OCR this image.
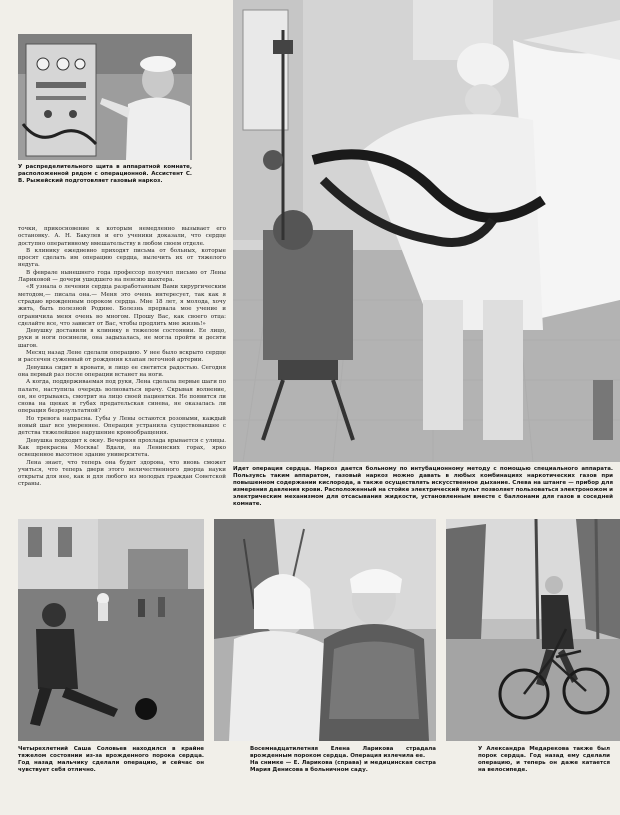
У распределительного щита в аппаратной комнате, расположенной рядом с операционной. Ассистент С. В. Рыжейский подготовляет газовый наркоз.

точки, прикосновение к которым немедленно вызывает его остановку. А. Н. Бакулев и его ученики доказали, что сердце доступно оперативному вмешательству в любом своем отделе.

В клинику ежедневно приходят письма от больных, которые просят сделать им операцию сердца, вылечить их от тяжелого недуга.

В феврале нынешнего года профессор получил письмо от Лены Лариковой — дочери ушедшего на пенсию шахтера.

«Я узнала о лечении сердца разработанным Вами хирургическим методом,— писала она.— Меня это очень интересует, так как я страдаю врожденным пороком сердца. Мне 18 лет, я молода, хочу жить, быть полезной Родине. Болезнь прервала мое учение и ограничила меня очень во многом. Прошу Вас, как своего отца: сделайте все, что зависит от Вас, чтобы продлить мне жизнь!»

Девушку доставили в клинику в тяжелом состоянии. Ее лицо, руки и ноги посинели, она задыхалась, не могла пройти и десяти шагов.

Месяц назад Лене сделали операцию. У нее было вскрыто сердце и рассечен суженный от рождения клапан легочной артерии.

Девушка сидит в кровати, и лицо ее светится радостью. Сегодня она первый раз после операции встанет на ноги.

А когда, поддерживаемая под руки, Лена сделала первые шаги по палате, наступила очередь волноваться врачу. Скрывая волнение, он, не отрываясь, смотрит на лицо своей пациентки. Не появится ли снова на щеках и губах предательская синева, не оказалась ли операция безрезультатной?

Но тревога напрасна. Губы у Лены остаются розовыми, каждый новый шаг все увереннее. Операция устранила существовавшее с детства тяжелейшее нарушение кровообращения.

Девушка подходит к окну. Вечерняя прохлада врывается с улицы. Как прекрасна Москва! Вдали, на Ленинских горах, ярко освещенное высотное здание университета.

Лена знает, что теперь она будет здорова, что вновь сможет учиться, что теперь двери этого величественного дворца науки открыты для нее, как и для любого из молодых граждан Советской страны.

Идет операция сердца. Наркоз дается больному по интубационному методу с помощью специального аппарата. Пользуясь таким аппаратом, газовый наркоз можно давать в любых комбинациях наркотических газов при повышенном содержании кислорода, а также осуществлять искусственное дыхание. Слева на штанге — прибор для измерения давления крови. Расположенный на стойке электрический пульт позволяет пользоваться электроножом и электрическим механизмом для отсасывания жидкости, установленным вместе с баллонами для газов в соседней комнате.

Четырехлетний Саша Соловьев находился в крайне тяжелом состоянии из-за врожденного порока сердца. Год назад мальчику сделали операцию, и сейчас он чувствует себя отлично.

Восемнадцатилетняя Елена Ларикова страдала врожденным пороком сердца. Операция излечила ее.

На снимке — Е. Ларикова (справа) и медицинская сестра Мария Денисова в больничном саду.

У Александра Медарекова также был порок сердца. Год назад ему сделали операцию, и теперь он даже катается на велосипеде.
